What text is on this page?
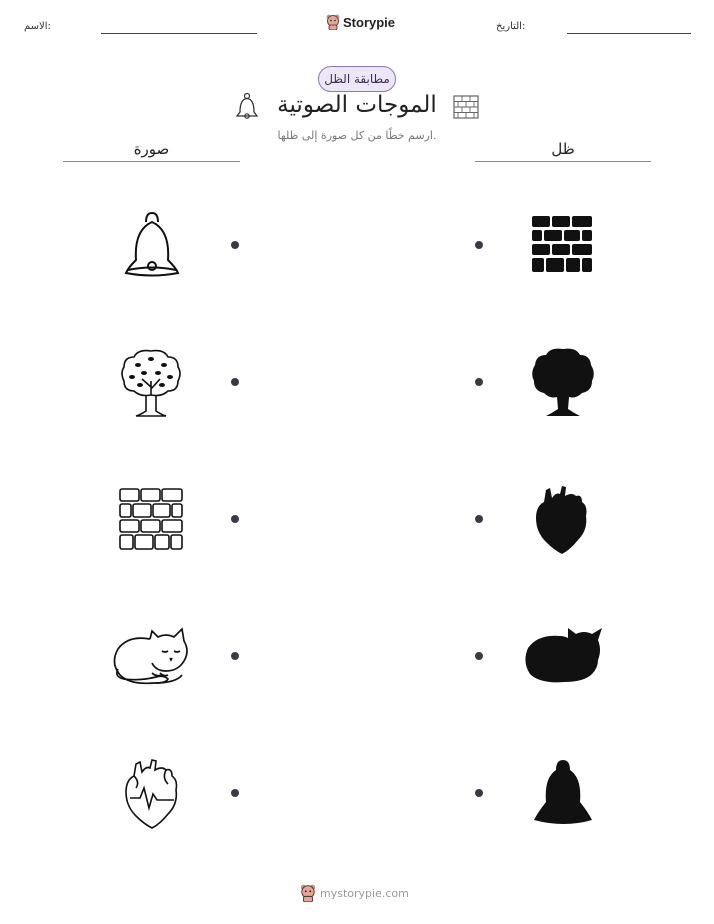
الاسم:	Storypie	التاريخ:
مطابقة الظل
الموجات الصوتية
ارسم خطًا من كل صورة إلى ظلها.
صورة	ظل
mystorypie.com
